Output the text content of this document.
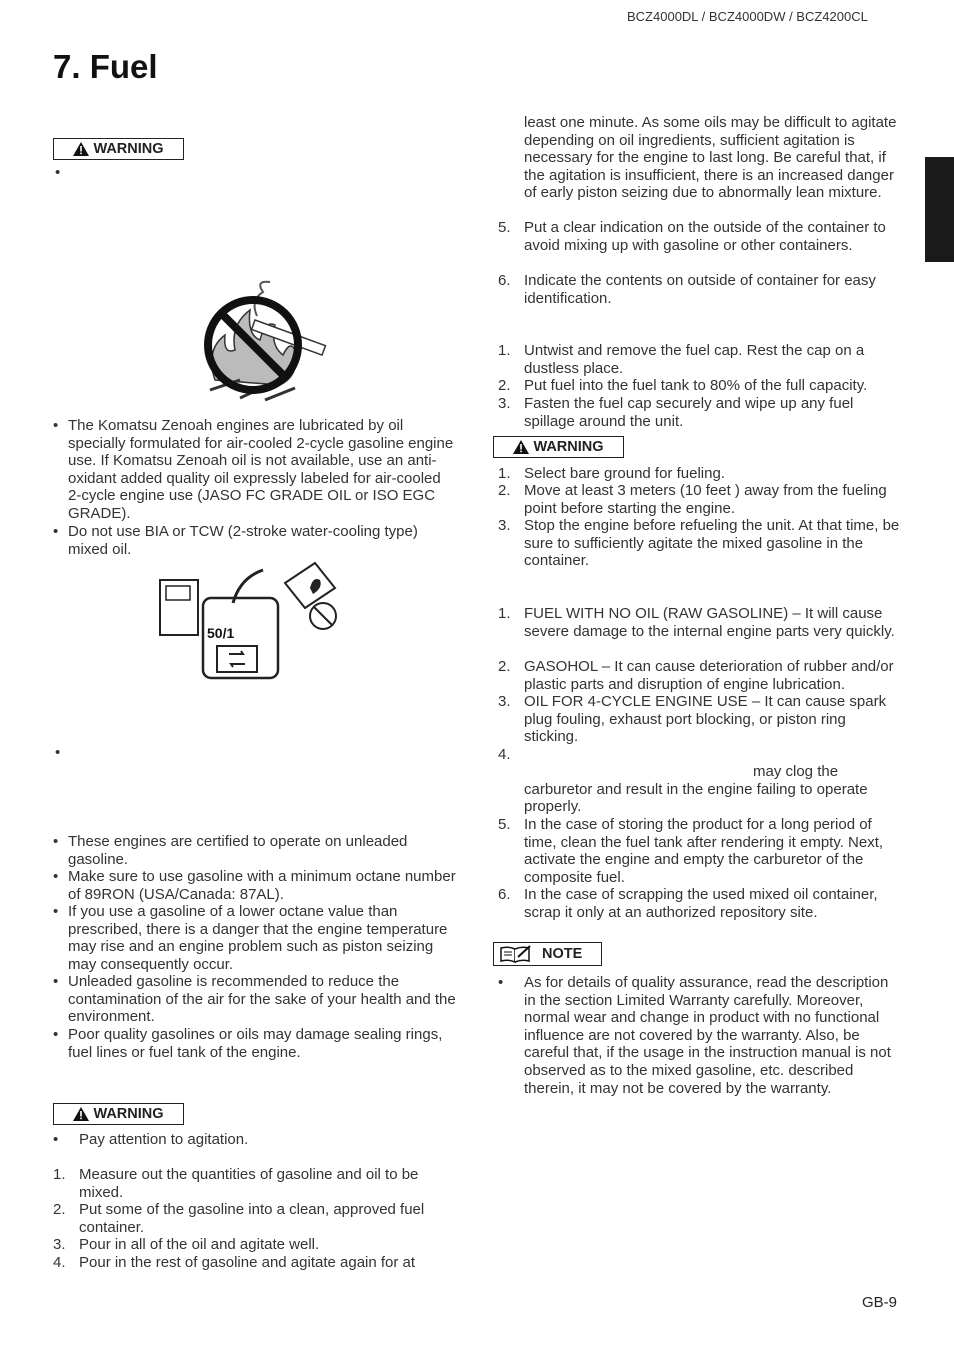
BCZ4000DL / BCZ4000DW / BCZ4200CL
7. Fuel
WARNING
•
• The Komatsu Zenoah engines are lubricated by oil specially formulated for air-cooled 2-cycle gasoline engine use. If Komatsu Zenoah oil is not available, use an anti-oxidant added quality oil expressly labeled for air-cooled 2-cycle engine use (JASO FC GRADE OIL or ISO EGC GRADE).
• Do not use BIA or TCW (2-stroke water-cooling type) mixed oil.
50/1
•
• These engines are certified to operate on unleaded gasoline.
• Make sure to use gasoline with a minimum octane number of 89RON (USA/Canada: 87AL).
• If you use a gasoline of a lower octane value than prescribed, there is a danger that the engine temperature may rise and an engine problem such as piston seizing may consequently occur.
• Unleaded gasoline is recommended to reduce the contamination of the air for the sake of your health and the environment.
• Poor quality gasolines or oils may damage sealing rings, fuel lines or fuel tank of the engine.
WARNING
•	Pay attention to agitation.
1. Measure out the quantities of gasoline and oil to be mixed.
2. Put some of the gasoline into a clean, approved fuel container.
3. Pour in all of the oil and agitate well.
4. Pour in the rest of gasoline and agitate again for at
least one minute. As some oils may be difficult to agitate depending on oil ingredients, sufficient agitation is necessary for the engine to last long. Be careful that, if the agitation is insufficient, there is an increased danger of early piston seizing due to abnormally lean mixture.
5. Put a clear indication on the outside of the container to avoid mixing up with gasoline or other containers.
6. Indicate the contents on outside of container for easy identification.
1. Untwist and remove the fuel cap. Rest the cap on a dustless place.
2. Put fuel into the fuel tank to 80% of the full capacity.
3. Fasten the fuel cap securely and wipe up any fuel spillage around the unit.
WARNING
1. Select bare ground for fueling.
2. Move at least 3 meters (10 feet ) away from the fueling point before starting the engine.
3. Stop the engine before refueling the unit. At that time, be sure to sufficiently agitate the mixed gasoline in the container.
1. FUEL WITH NO OIL (RAW GASOLINE) – It will cause severe damage to the internal engine parts very quickly.
2. GASOHOL – It can cause deterioration of rubber and/or plastic parts and disruption of engine lubrication.
3. OIL FOR 4-CYCLE ENGINE USE – It can cause spark plug fouling, exhaust port blocking, or piston ring sticking.
4.
may clog the carburetor and result in the engine failing to operate properly.
5. In the case of storing the product for a long period of time, clean the fuel tank after rendering it empty. Next, activate the engine and empty the carburetor of the composite fuel.
6. In the case of scrapping the used mixed oil container, scrap it only at an authorized repository site.
NOTE
•	As for details of quality assurance, read the description in the section Limited Warranty carefully. Moreover, normal wear and change in product with no functional influence are not covered by the warranty. Also, be careful that, if the usage in the instruction manual is not observed as to the mixed gasoline, etc. described therein, it may not be covered by the warranty.
GB-9
